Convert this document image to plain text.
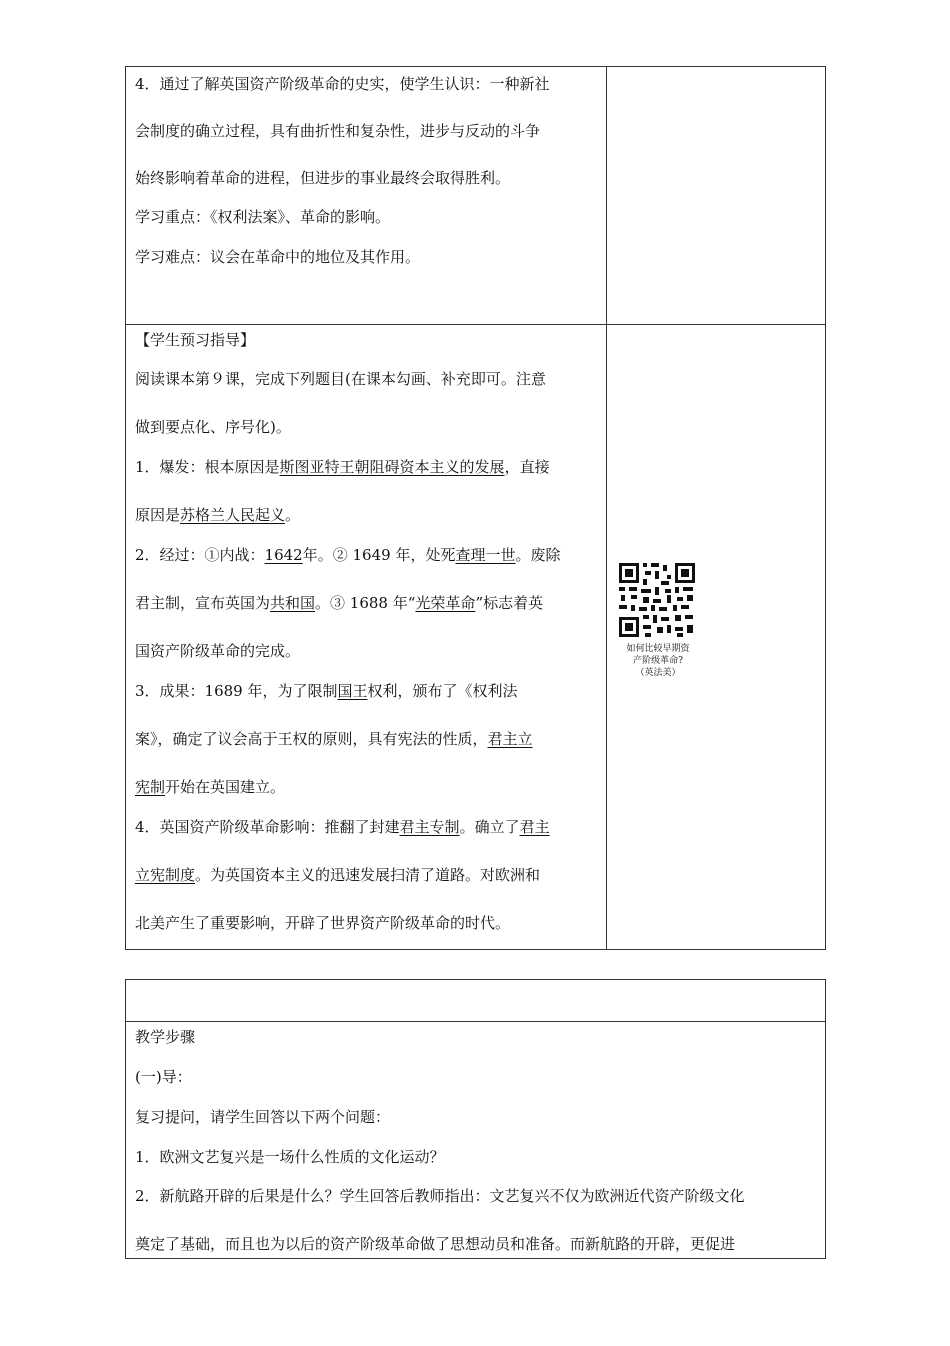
4．通过了解英国资产阶级革命的史实，使学生认识：一种新社
会制度的确立过程，具有曲折性和复杂性，进步与反动的斗争
始终影响着革命的进程，但进步的事业最终会取得胜利。
学习重点：《权利法案》、革命的影响。
学习难点：议会在革命中的地位及其作用。
【学生预习指导】
阅读课本第９课，完成下列题目(在课本勾画、补充即可。注意
做到要点化、序号化)。
1．爆发：根本原因是斯图亚特王朝阻碍资本主义的发展，直接
原因是苏格兰人民起义。
2．经过：①内战：1642年。② 1649 年，处死查理一世。废除
君主制，宣布英国为共和国。③ 1688 年“光荣革命”标志着英
国资产阶级革命的完成。
3．成果：1689 年，为了限制国王权利，颁布了《权利法
案》，确定了议会高于王权的原则，具有宪法的性质，君主立
宪制开始在英国建立。
4．英国资产阶级革命影响：推翻了封建君主专制。确立了君主
立宪制度。为英国资本主义的迅速发展扫清了道路。对欧洲和
北美产生了重要影响，开辟了世界资产阶级革命的时代。
如何比较早期资
产阶级革命?
（英法美）
教学步骤
(一)导：
复习提问，请学生回答以下两个问题：
1．欧洲文艺复兴是一场什么性质的文化运动？
2．新航路开辟的后果是什么？学生回答后教师指出：文艺复兴不仅为欧洲近代资产阶级文化
奠定了基础，而且也为以后的资产阶级革命做了思想动员和准备。而新航路的开辟，更促进
